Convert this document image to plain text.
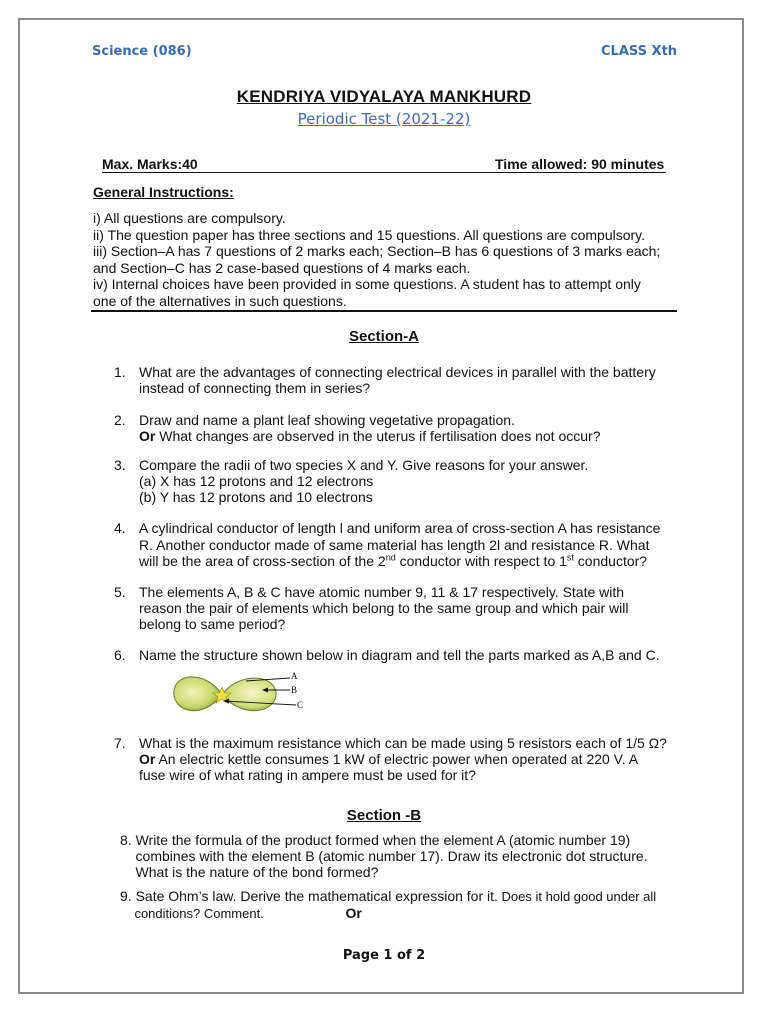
Science (086)	CLASS Xth
KENDRIYA VIDYALAYA MANKHURD
Periodic Test (2021-22)
Max. Marks:40	Time allowed: 90 minutes
General Instructions:
i) All questions are compulsory.
ii) The question paper has three sections and 15 questions. All questions are compulsory.
iii) Section–A has 7 questions of 2 marks each; Section–B has 6 questions of 3 marks each;
and Section–C has 2 case-based questions of 4 marks each.
iv) Internal choices have been provided in some questions. A student has to attempt only
one of the alternatives in such questions.
Section-A
1. What are the advantages of connecting electrical devices in parallel with the battery
instead of connecting them in series?
2. Draw and name a plant leaf showing vegetative propagation.
Or What changes are observed in the uterus if fertilisation does not occur?
3. Compare the radii of two species X and Y. Give reasons for your answer.
(a) X has 12 protons and 12 electrons
(b) Y has 12 protons and 10 electrons
4. A cylindrical conductor of length l and uniform area of cross-section A has resistance
R. Another conductor made of same material has length 2l and resistance R. What
will be the area of cross-section of the 2nd conductor with respect to 1st conductor?
5. The elements A, B & C have atomic number 9, 11 & 17 respectively. State with
reason the pair of elements which belong to the same group and which pair will
belong to same period?
6. Name the structure shown below in diagram and tell the parts marked as A,B and C.
A
B
C
7. What is the maximum resistance which can be made using 5 resistors each of 1/5 Ω?
Or An electric kettle consumes 1 kW of electric power when operated at 220 V. A
fuse wire of what rating in ampere must be used for it?
Section -B
8. Write the formula of the product formed when the element A (atomic number 19)
combines with the element B (atomic number 17). Draw its electronic dot structure.
What is the nature of the bond formed?
9. Sate Ohm’s law. Derive the mathematical expression for it. Does it hold good under all
conditions? Comment.	Or
Page 1 of 2
